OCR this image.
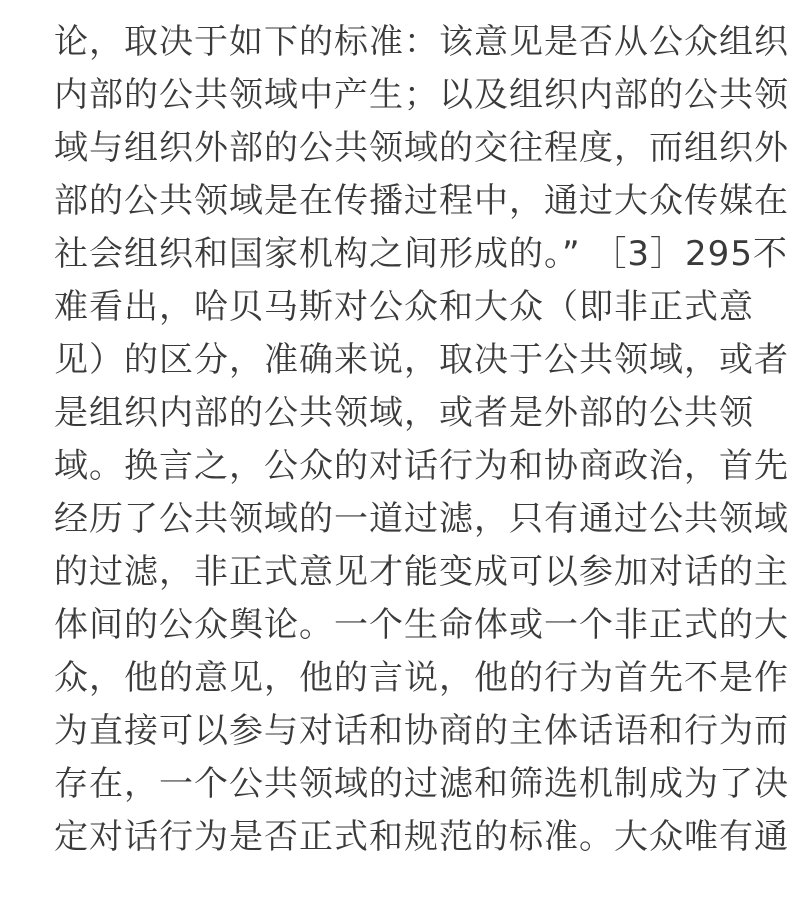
论，取决于如下的标准：该意见是否从公众组织
内部的公共领域中产生；以及组织内部的公共领
域与组织外部的公共领域的交往程度，而组织外
部的公共领域是在传播过程中，通过大众传媒在
社会组织和国家机构之间形成的。” ［3］295不
难看出，哈贝马斯对公众和大众（即非正式意
见）的区分，准确来说，取决于公共领域，或者
是组织内部的公共领域，或者是外部的公共领
域。换言之，公众的对话行为和协商政治，首先
经历了公共领域的一道过滤，只有通过公共领域
的过滤，非正式意见才能变成可以参加对话的主
体间的公众舆论。一个生命体或一个非正式的大
众，他的意见，他的言说，他的行为首先不是作
为直接可以参与对话和协商的主体话语和行为而
存在，一个公共领域的过滤和筛选机制成为了决
定对话行为是否正式和规范的标准。大众唯有通
